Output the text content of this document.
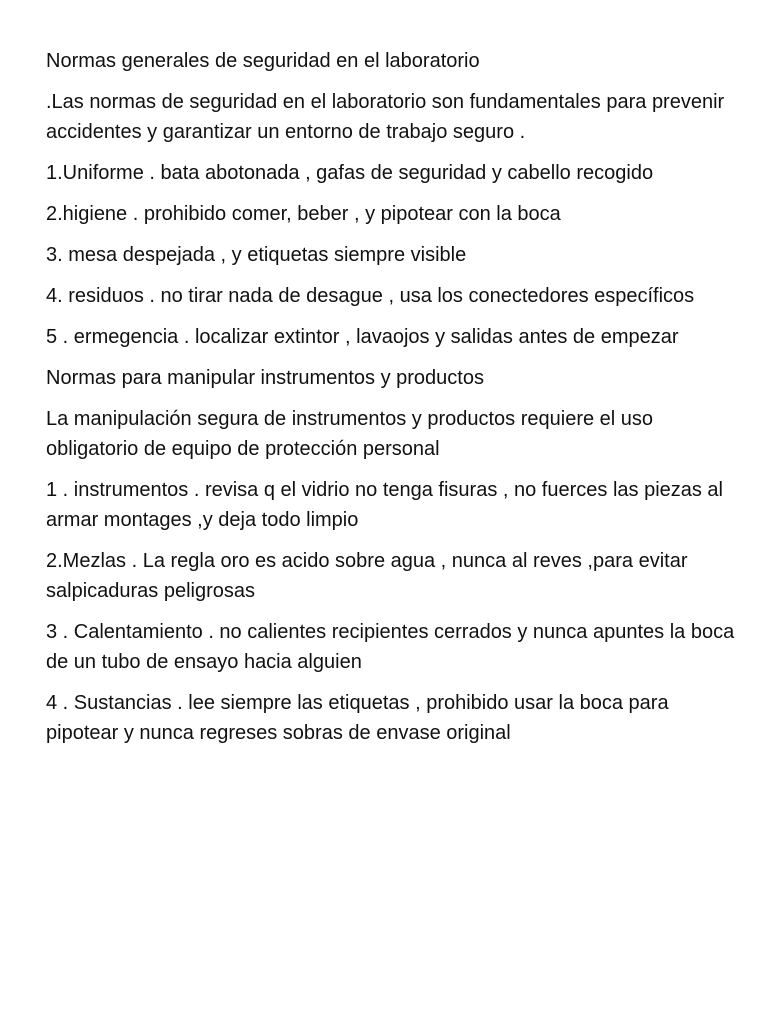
Normas generales de seguridad en el laboratorio

.Las normas de seguridad en el laboratorio son fundamentales para prevenir accidentes y garantizar un entorno de trabajo seguro .

1.Uniforme . bata abotonada , gafas de seguridad y cabello recogido

2.higiene . prohibido comer, beber , y pipotear con la boca

3. mesa despejada , y etiquetas siempre visible

4. residuos . no tirar nada de desague , usa los conectedores específicos

5 . ermegencia . localizar extintor , lavaojos y salidas antes de empezar

Normas para manipular instrumentos y productos

La manipulación segura de instrumentos y productos requiere el uso obligatorio de equipo de protección personal

1 . instrumentos . revisa q el vidrio no tenga fisuras , no fuerces las piezas al armar montages ,y deja todo limpio

2.Mezlas . La regla oro es acido sobre agua , nunca al reves ,para evitar salpicaduras peligrosas

3 . Calentamiento . no calientes recipientes cerrados y nunca apuntes la boca de un tubo de ensayo hacia alguien

4 . Sustancias . lee siempre las etiquetas , prohibido usar la boca para pipotear y nunca regreses sobras de envase original
